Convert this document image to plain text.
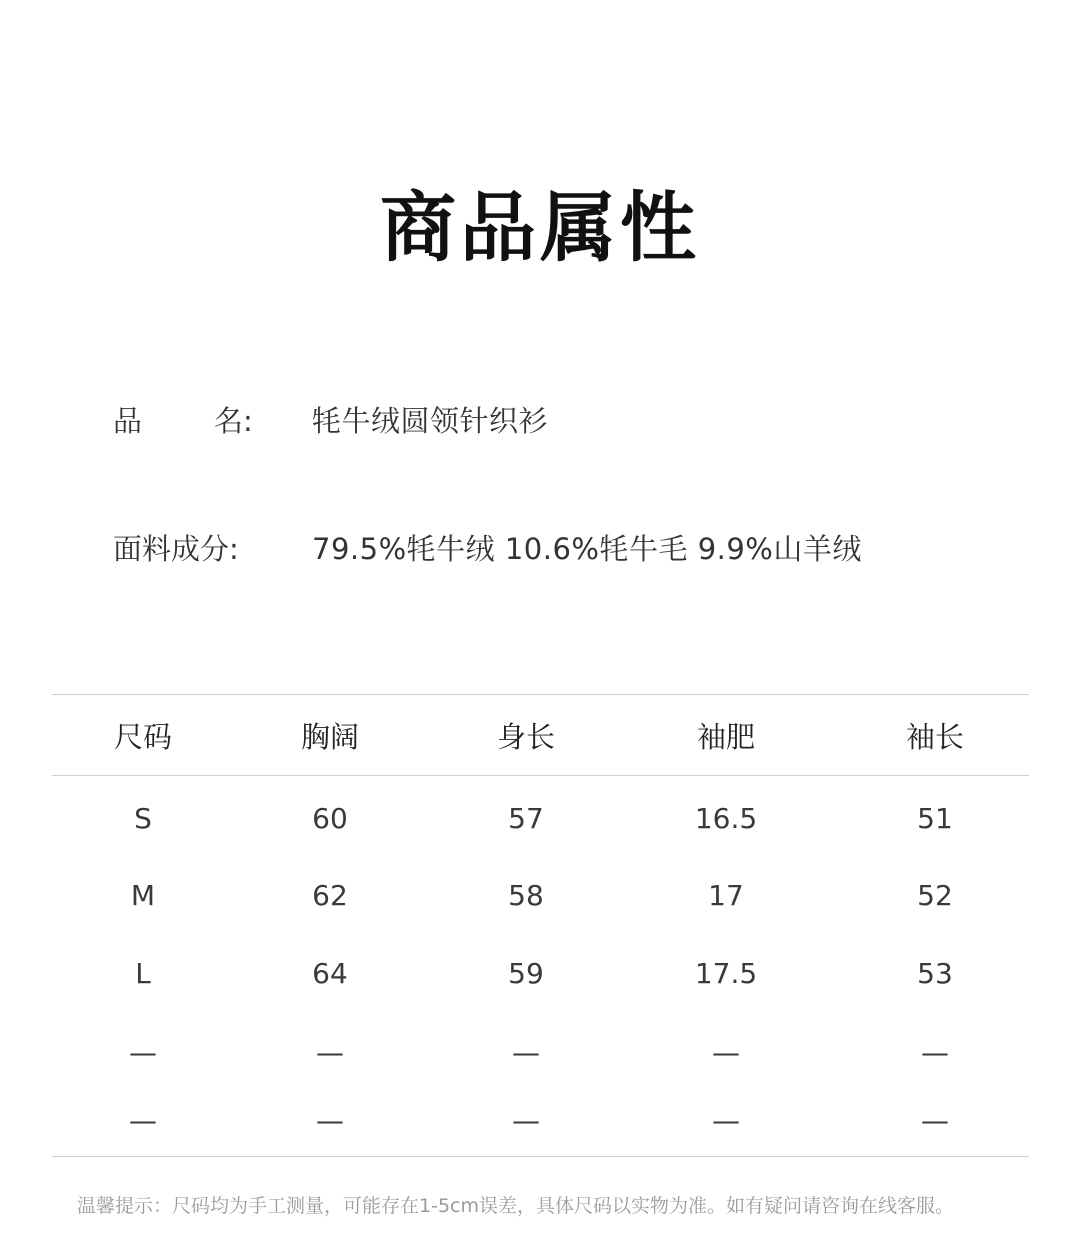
商品属性
品 名: 牦牛绒圆领针织衫
面料成分:	79.5%牦牛绒 10.6%牦牛毛 9.9%山羊绒
尺码	胸阔	身长	袖肥	袖长
S	60	57	16.5	51
M	62	58	17	52
L	64	59	17.5	53
—	—	—	—	—
—	—	—	—	—
温馨提示：尺码均为手工测量，可能存在1-5cm误差，具体尺码以实物为准。如有疑问请咨询在线客服。
